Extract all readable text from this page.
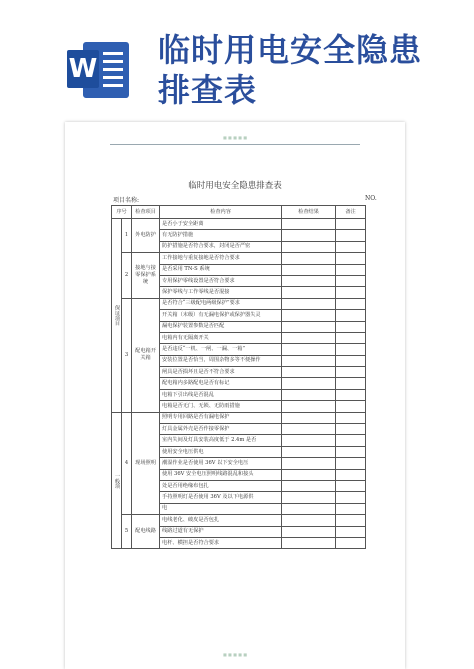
W 临时用电安全隐患
排查表
■ ■ ■ ■ ■
临时用电安全隐患排查表
项目名称:	NO.
序号		检查项目	检查内容	检查结果	备注
保证项目	1	外电防护	是否小于安全距离		
			有无防护措施		
			防护措施是否符合要求，封闭是否严密		
	2	接地与接零保护系统	工作接地与重复接地是否符合要求		
			是否采用 TN-S 系统		
			专用保护零线设置是否符合要求		
			保护零线与工作零线是否混接		
	3	配电箱开关箱	是否符合“三级配电两级保护”要求		
			开关箱（末级）有无漏电保护或保护器失灵		
			漏电保护装置参数是否匹配		
			电箱内有无隔离开关		
			是否违反“一机、一闸、一漏、一箱”		
			安装位置是否恰当，周围杂物多等不便操作		
			闸具是否损坏且是否不符合要求		
			配电箱内多路配电是否有标记		
			电箱下引出线是否混乱		
			电箱是否无门、无锁、无防雨措施		
一般项	4	现场照明	照明专用回路是否有漏电保护		
			灯具金属外壳是否作接零保护		
			室内失间及灯具安装高度低于 2.4m 是否		
			使用安全电压供电		
			潮湿作业是否使用 36V 以下安全电压		
			使用 36V 安全电压照明线路混乱和接头		
			处是否用绝缘布包扎		
			手持照明灯是否使用 36V 及以下电源供		
			电		
	5	配电线路	电线老化、破皮是否包扎		
			线路过道有无保护		
			电杆、横担是否符合要求		
■ ■ ■ ■ ■
